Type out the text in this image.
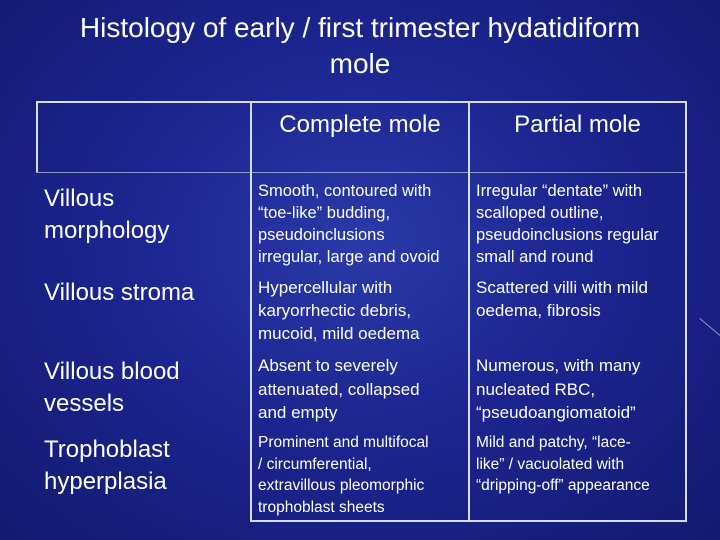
Histology of early / first trimester hydatidiform
mole
Complete mole	Partial mole
Villous
morphology
Smooth, contoured with
“toe-like” budding,
pseudoinclusions
irregular, large and ovoid
Irregular “dentate” with
scalloped outline,
pseudoinclusions regular
small and round
Villous stroma	Hypercellular with
karyorrhectic debris,
mucoid, mild oedema
Scattered villi with mild
oedema, fibrosis
Villous blood
vessels
Absent to severely
attenuated, collapsed
and empty
Numerous, with many
nucleated RBC,
“pseudoangiomatoid”
Trophoblast
hyperplasia
Prominent and multifocal
/ circumferential,
extravillous pleomorphic
trophoblast sheets
Mild and patchy, “lace-
like” / vacuolated with
“dripping-off” appearance
